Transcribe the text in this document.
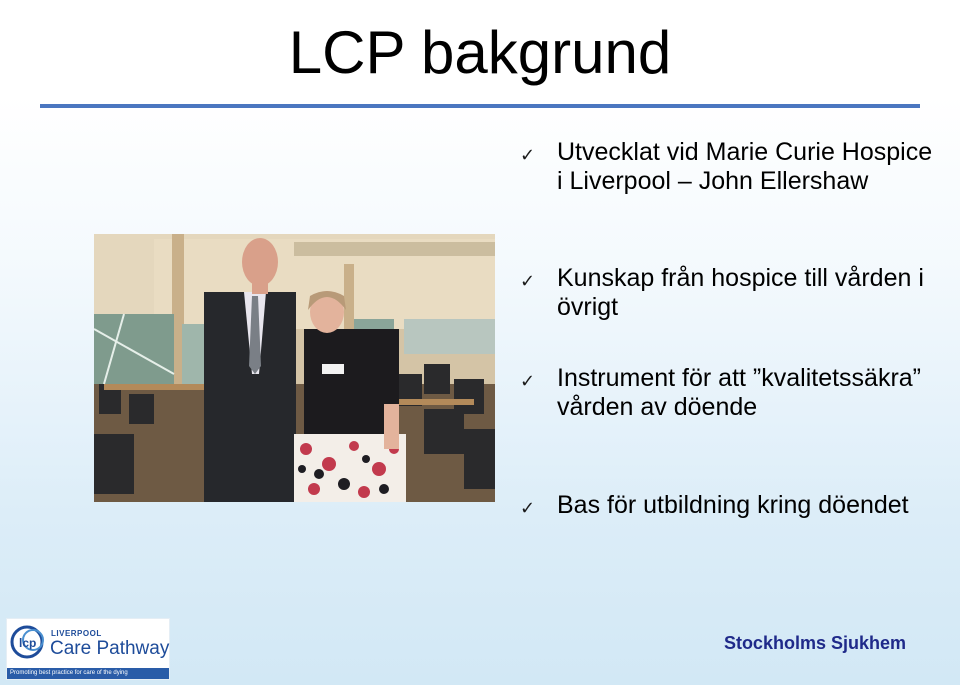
LCP bakgrund
✓ Utvecklat vid Marie Curie Hospice i Liverpool – John Ellershaw
✓ Kunskap från hospice till vården i övrigt
✓ Instrument för att ”kvalitetssäkra” vården av döende
✓ Bas för utbildning kring döendet
lcp
LIVERPOOL
Care Pathway
Promoting best practice for care of the dying
Stockholms Sjukhem
